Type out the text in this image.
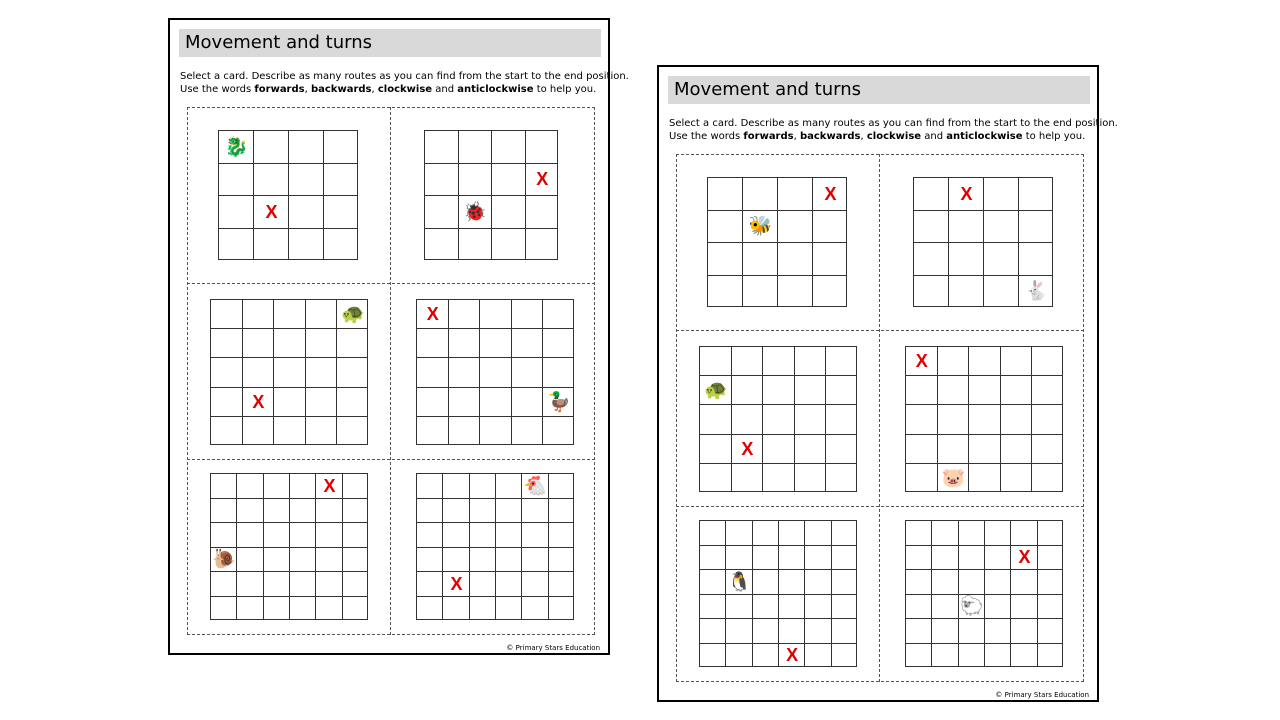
Movement and turns
Select a card. Describe as many routes as you can find from the start to the end position.
Use the words forwards, backwards, clockwise and anticlockwise to help you.
© Primary Stars Education
🐉
X	🐞
X
🐢
X	🦆
X
🐌
X	🐔
X
Movement and turns
Select a card. Describe as many routes as you can find from the start to the end position.
Use the words forwards, backwards, clockwise and anticlockwise to help you.
© Primary Stars Education
🐝
X
🐇
X
🐢
X
🐷
X
🐧
X
🐑
X
